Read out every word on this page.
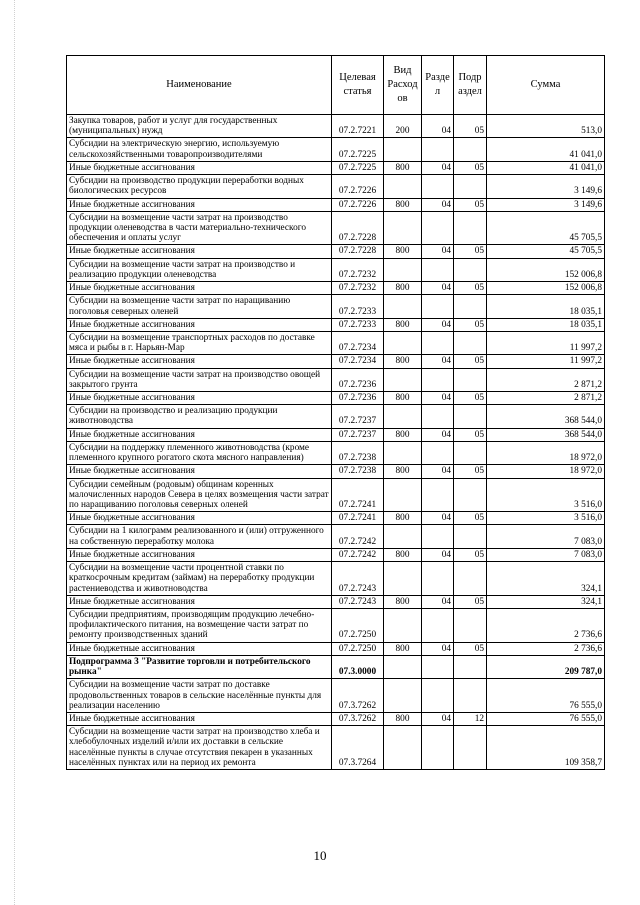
Наименование	Целевая статья	Вид Расход ов	Разде л	Подр аздел	Сумма
Закупка товаров, работ и услуг для государственных (муниципальных) нужд	07.2.7221	200	04	05	513,0
Субсидии на электрическую энергию, используемую сельскохозяйственными товаропроизводителями	07.2.7225				41 041,0
Иные бюджетные ассигнования	07.2.7225	800	04	05	41 041,0
Субсидии на производство продукции переработки водных биологических ресурсов	07.2.7226				3 149,6
Иные бюджетные ассигнования	07.2.7226	800	04	05	3 149,6
Субсидии на возмещение части затрат на производство продукции оленеводства в части материально-технического обеспечения и оплаты услуг	07.2.7228				45 705,5
Иные бюджетные ассигнования	07.2.7228	800	04	05	45 705,5
Субсидии на возмещение части затрат на производство и реализацию продукции оленеводства	07.2.7232				152 006,8
Иные бюджетные ассигнования	07.2.7232	800	04	05	152 006,8
Субсидии на возмещение части затрат по наращиванию поголовья северных оленей	07.2.7233				18 035,1
Иные бюджетные ассигнования	07.2.7233	800	04	05	18 035,1
Субсидии на возмещение транспортных расходов по доставке мяса и рыбы в г. Нарьян-Мар	07.2.7234				11 997,2
Иные бюджетные ассигнования	07.2.7234	800	04	05	11 997,2
Субсидии на возмещение части затрат на производство овощей закрытого грунта	07.2.7236				2 871,2
Иные бюджетные ассигнования	07.2.7236	800	04	05	2 871,2
Субсидии на производство и реализацию продукции животноводства	07.2.7237				368 544,0
Иные бюджетные ассигнования	07.2.7237	800	04	05	368 544,0
Субсидии на поддержку племенного животноводства (кроме племенного крупного рогатого скота мясного направления)	07.2.7238				18 972,0
Иные бюджетные ассигнования	07.2.7238	800	04	05	18 972,0
Субсидии семейным (родовым) общинам коренных малочисленных народов Севера в целях возмещения части затрат по наращиванию поголовья северных оленей	07.2.7241				3 516,0
Иные бюджетные ассигнования	07.2.7241	800	04	05	3 516,0
Субсидии на 1 килограмм реализованного и (или) отгруженного на собственную переработку молока	07.2.7242				7 083,0
Иные бюджетные ассигнования	07.2.7242	800	04	05	7 083,0
Субсидии на возмещение части процентной ставки по краткосрочным кредитам (займам) на переработку продукции растениеводства и животноводства	07.2.7243				324,1
Иные бюджетные ассигнования	07.2.7243	800	04	05	324,1
Субсидии предприятиям, производящим продукцию лечебно-профилактического питания, на возмещение части затрат по ремонту производственных зданий	07.2.7250				2 736,6
Иные бюджетные ассигнования	07.2.7250	800	04	05	2 736,6
Подпрограмма 3 "Развитие торговли и потребительского рынка"	07.3.0000				209 787,0
Субсидии на возмещение части затрат по доставке продовольственных товаров в сельские населённые пункты для реализации населению	07.3.7262				76 555,0
Иные бюджетные ассигнования	07.3.7262	800	04	12	76 555,0
Субсидии на возмещение части затрат на производство хлеба и хлебобулочных изделий и/или их доставки в сельские населённые пункты в случае отсутствия пекарен в указанных населённых пунктах или на период их ремонта	07.3.7264				109 358,7
10
